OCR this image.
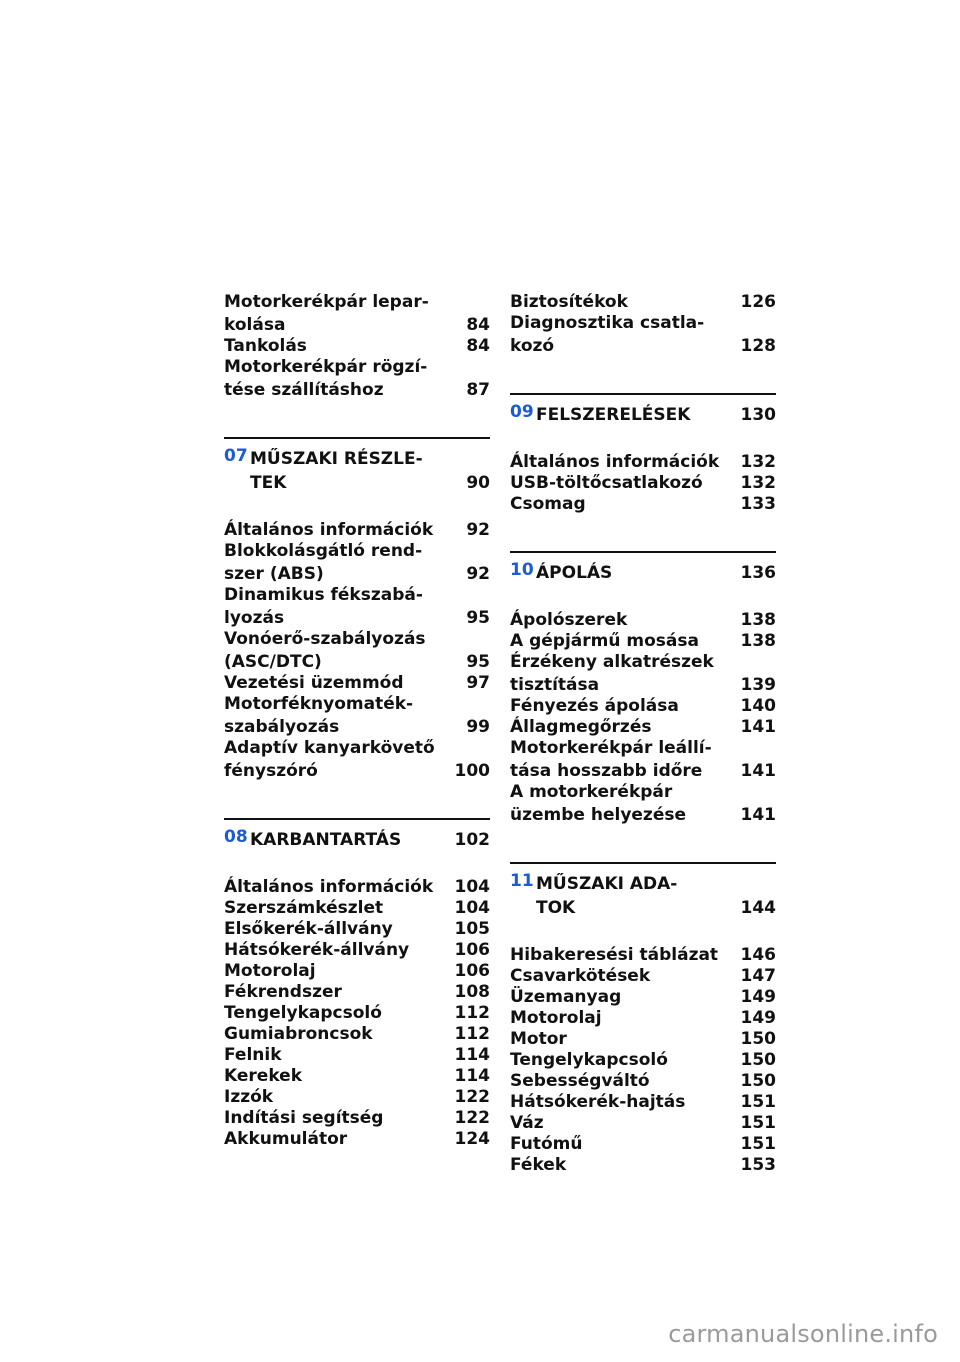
Motorkerékpár lepar-
kolása	84
Tankolás	84
Motorkerékpár rögzí-
tése szállításhoz	87
07 MŰSZAKI RÉSZLE-
TEK	90
Általános információk 92
Blokkolásgátló rend-
szer (ABS)	92
Dinamikus fékszabá-
lyozás	95
Vonóerő-szabályozás
(ASC/DTC)	95
Vezetési üzemmód	97
Motorféknyomaték-
szabályozás	99
Adaptív kanyarkövető
fényszóró	100
08 KARBANTARTÁS	102
Általános információk 104
Szerszámkészlet	104
Elsőkerék-állvány	105
Hátsókerék-állvány	106
Motorolaj	106
Fékrendszer	108
Tengelykapcsoló	112
Gumiabroncsok	112
Felnik	114
Kerekek	114
Izzók	122
Indítási segítség	122
Akkumulátor	124
Biztosítékok	126
Diagnosztika csatla-
kozó	128
09 FELSZERELÉSEK	130
Általános információk 132
USB-töltőcsatlakozó 132
Csomag	133
10 ÁPOLÁS	136
Ápolószerek	138
A gépjármű mosása 138
Érzékeny alkatrészek
tisztítása	139
Fényezés ápolása	140
Állagmegőrzés	141
Motorkerékpár leállí-
tása hosszabb időre 141
A motorkerékpár
üzembe helyezése	141
11 MŰSZAKI ADA-
TOK	144
Hibakeresési táblázat 146
Csavarkötések	147
Üzemanyag	149
Motorolaj	149
Motor	150
Tengelykapcsoló	150
Sebességváltó	150
Hátsókerék-hajtás	151
Váz	151
Futómű	151
Fékek	153
carmanualsonline.info
